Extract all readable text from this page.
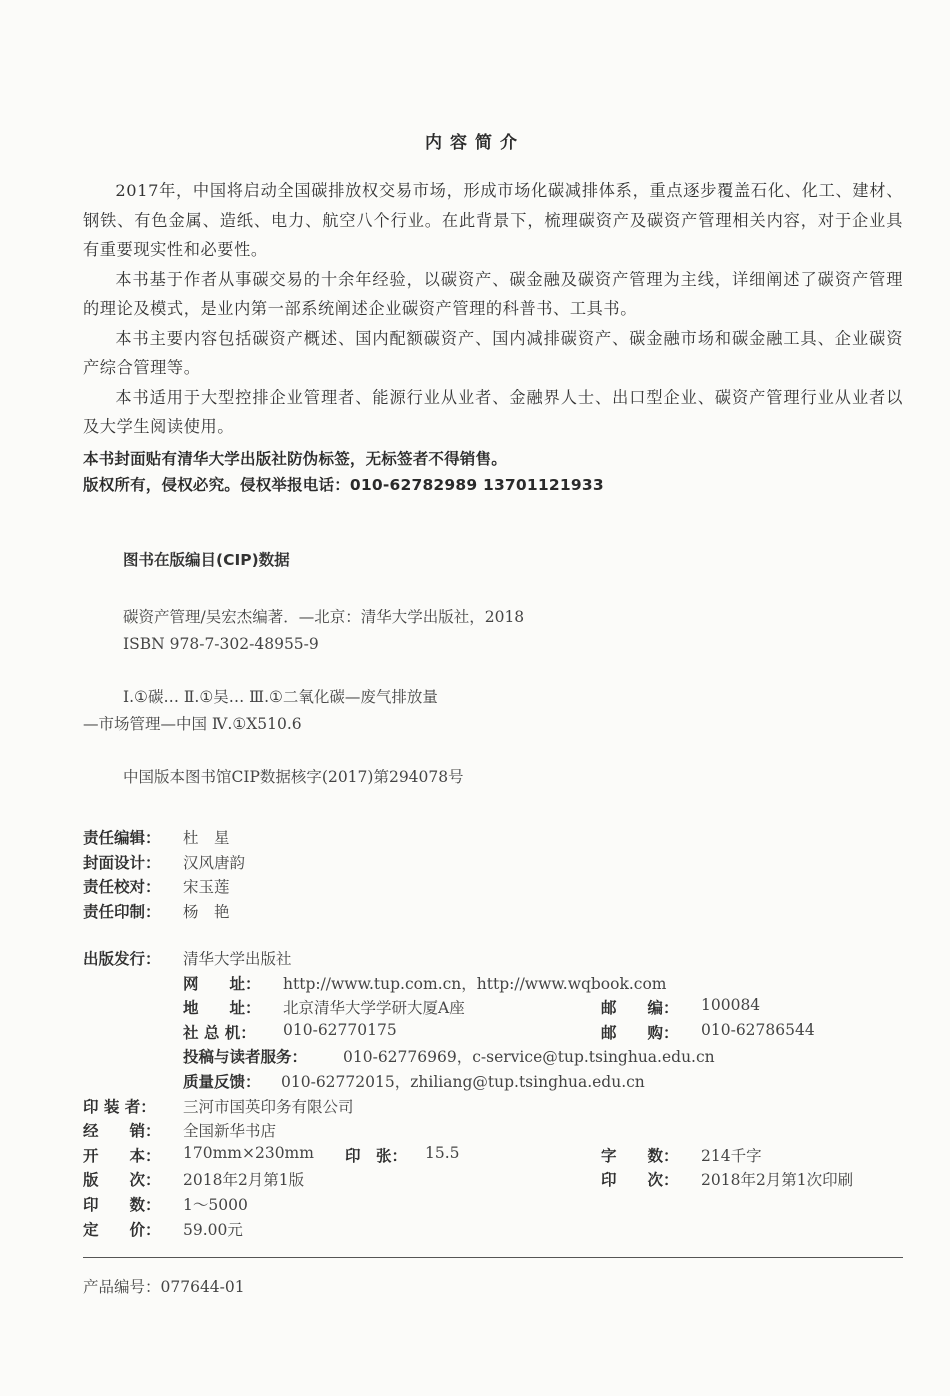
内容简介

2017年，中国将启动全国碳排放权交易市场，形成市场化碳减排体系，重点逐步覆盖石化、化工、建材、钢铁、有色金属、造纸、电力、航空八个行业。在此背景下，梳理碳资产及碳资产管理相关内容，对于企业具有重要现实性和必要性。

本书基于作者从事碳交易的十余年经验，以碳资产、碳金融及碳资产管理为主线，详细阐述了碳资产管理的理论及模式，是业内第一部系统阐述企业碳资产管理的科普书、工具书。

本书主要内容包括碳资产概述、国内配额碳资产、国内减排碳资产、碳金融市场和碳金融工具、企业碳资产综合管理等。

本书适用于大型控排企业管理者、能源行业从业者、金融界人士、出口型企业、碳资产管理行业从业者以及大学生阅读使用。

本书封面贴有清华大学出版社防伪标签，无标签者不得销售。
版权所有，侵权必究。侵权举报电话：010-62782989 13701121933
图书在版编目(CIP)数据
碳资产管理/吴宏杰编著．—北京：清华大学出版社，2018
ISBN 978-7-302-48955-9
Ⅰ.①碳… Ⅱ.①吴… Ⅲ.①二氧化碳—废气排放量
—市场管理—中国 Ⅳ.①X510.6
中国版本图书馆CIP数据核字(2017)第294078号
责任编辑：	杜　星
封面设计：	汉风唐韵
责任校对：	宋玉莲
责任印制：	杨　艳
出版发行：	清华大学出版社
网　　址： http://www.tup.com.cn，http://www.wqbook.com
地　　址： 北京清华大学学研大厦A座	邮　　编： 100084
社 总 机： 010-62770175	邮　　购： 010-62786544
投稿与读者服务： 010-62776969，c-service@tup.tsinghua.edu.cn
质量反馈： 010-62772015，zhiliang@tup.tsinghua.edu.cn
印 装 者： 三河市国英印务有限公司
经　　销： 全国新华书店
开　　本： 170mm×230mm 印　张： 15.5	字　　数： 214千字
版　　次： 2018年2月第1版	印　　次： 2018年2月第1次印刷
印　　数： 1～5000
定　　价： 59.00元
产品编号：077644-01
